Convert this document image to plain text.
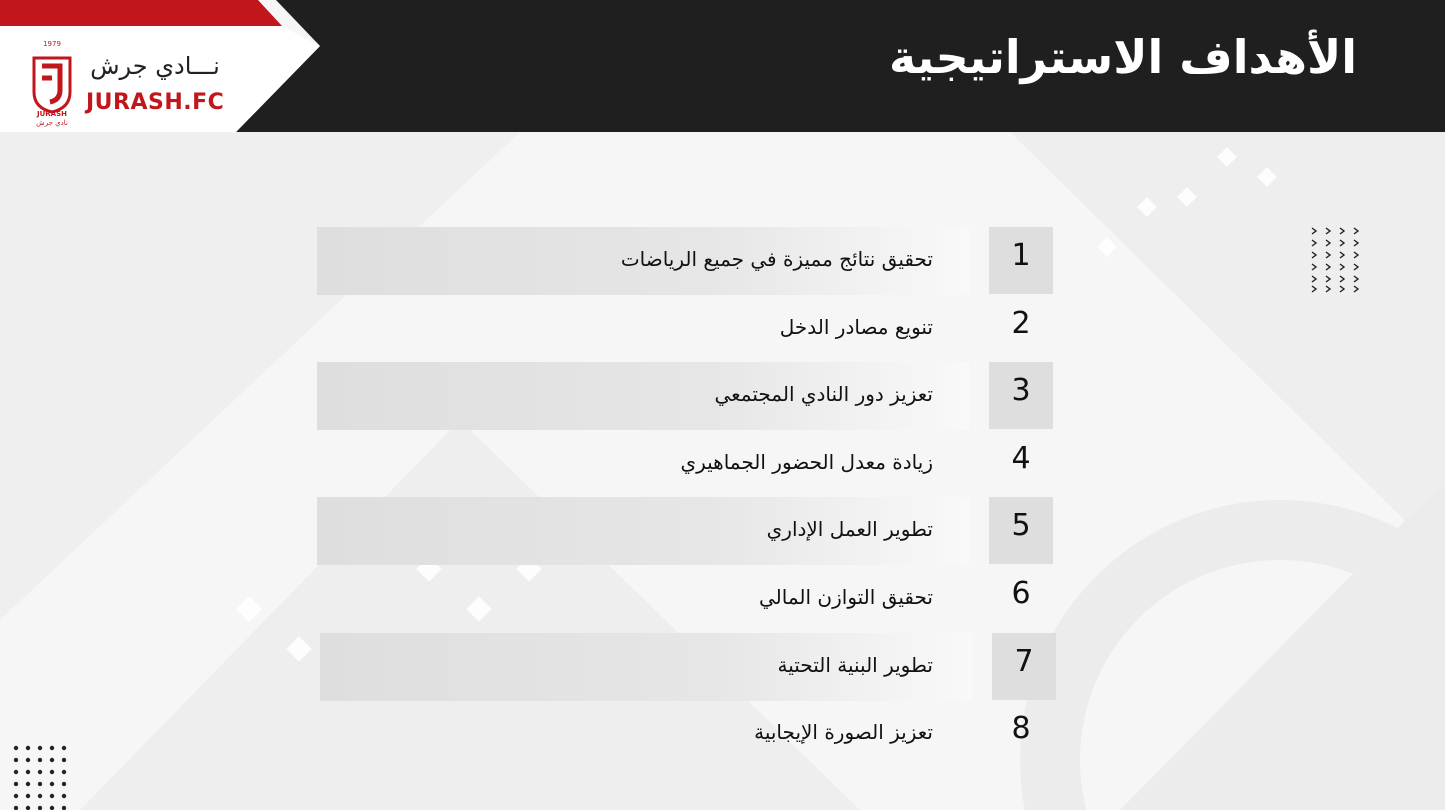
الأهداف الاستراتيجية
1979
JURASH
نادي جرش
نـــادي جرش
JURASH.FC
تحقيق نتائج مميزة في جميع الرياضات	1
تنويع مصادر الدخل	2
تعزيز دور النادي المجتمعي	3
زيادة معدل الحضور الجماهيري	4
تطوير العمل الإداري	5
تحقيق التوازن المالي	6
تطوير البنية التحتية	7
تعزيز الصورة الإيجابية	8
